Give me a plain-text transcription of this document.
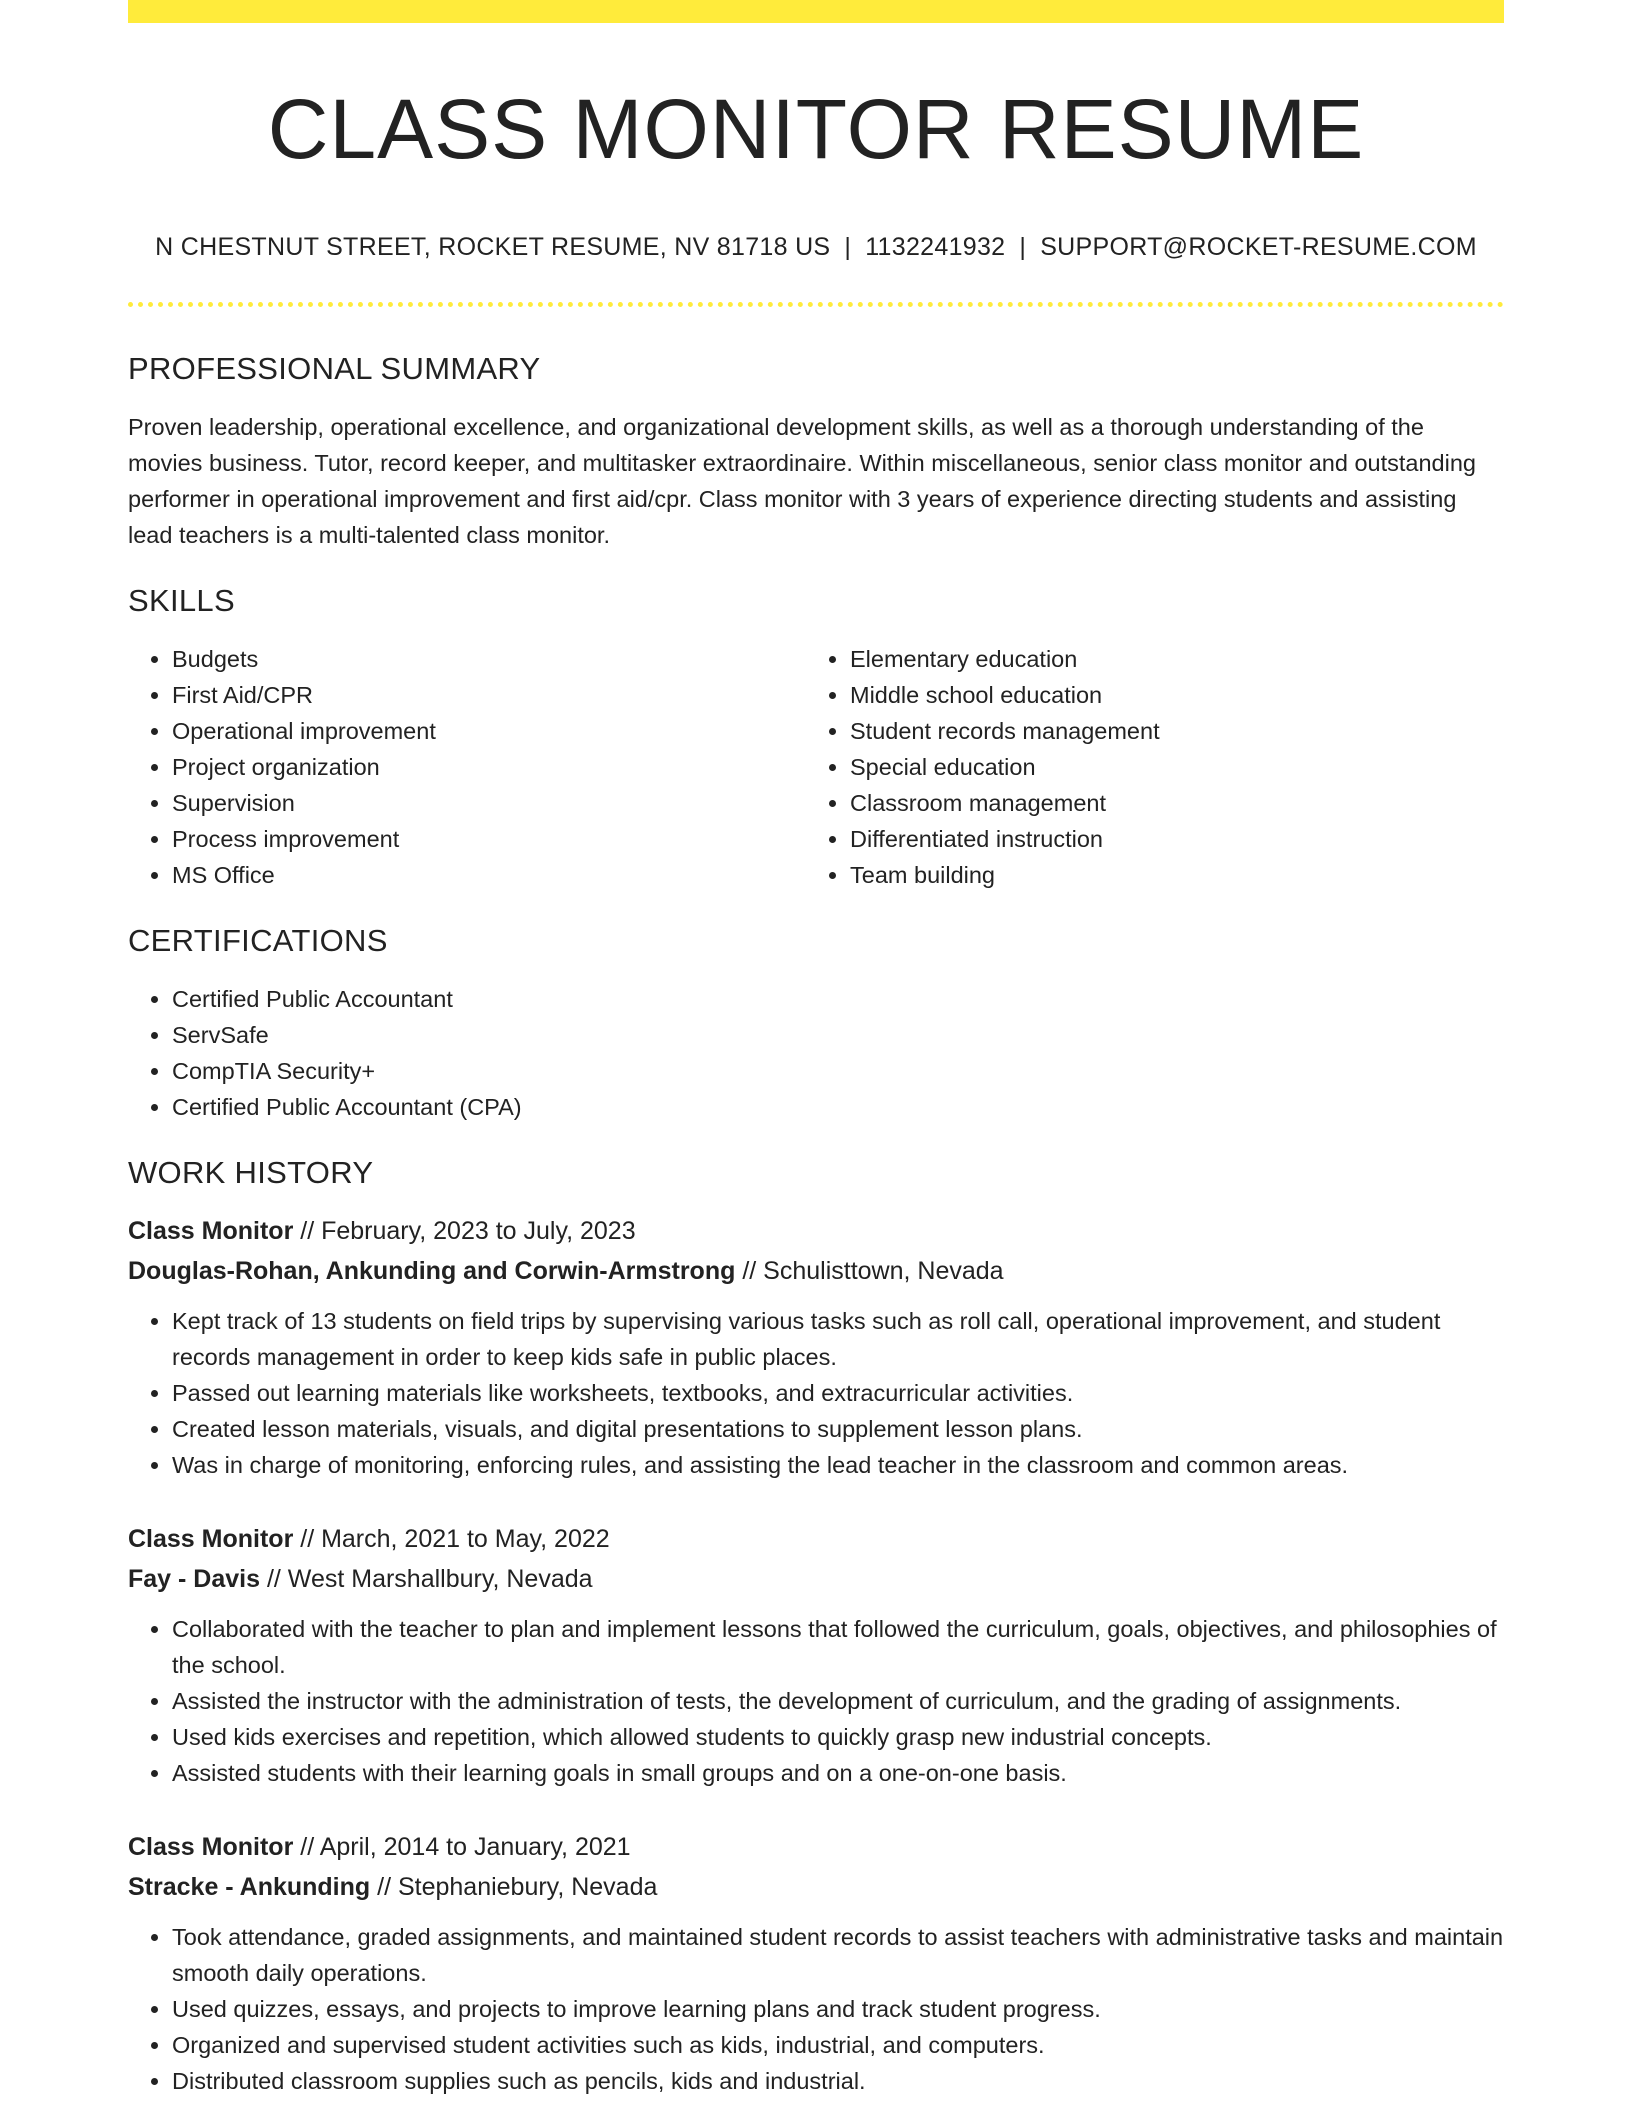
CLASS MONITOR RESUME
N CHESTNUT STREET, ROCKET RESUME, NV 81718 US | 1132241932 | SUPPORT@ROCKET-RESUME.COM
PROFESSIONAL SUMMARY

Proven leadership, operational excellence, and organizational development skills, as well as a thorough understanding of the movies business. Tutor, record keeper, and multitasker extraordinaire. Within miscellaneous, senior class monitor and outstanding performer in operational improvement and first aid/cpr. Class monitor with 3 years of experience directing students and assisting lead teachers is a multi-talented class monitor.

SKILLS
• Budgets
• First Aid/CPR
• Operational improvement
• Project organization
• Supervision
• Process improvement
• MS Office
• Elementary education
• Middle school education
• Student records management
• Special education
• Classroom management
• Differentiated instruction
• Team building
CERTIFICATIONS
• Certified Public Accountant
• ServSafe
• CompTIA Security+
• Certified Public Accountant (CPA)
WORK HISTORY
Class Monitor // February, 2023 to July, 2023
Douglas-Rohan, Ankunding and Corwin-Armstrong // Schulisttown, Nevada
• Kept track of 13 students on field trips by supervising various tasks such as roll call, operational improvement, and student records management in order to keep kids safe in public places.
• Passed out learning materials like worksheets, textbooks, and extracurricular activities.
• Created lesson materials, visuals, and digital presentations to supplement lesson plans.
• Was in charge of monitoring, enforcing rules, and assisting the lead teacher in the classroom and common areas.
Class Monitor // March, 2021 to May, 2022
Fay - Davis // West Marshallbury, Nevada
• Collaborated with the teacher to plan and implement lessons that followed the curriculum, goals, objectives, and philosophies of the school.
• Assisted the instructor with the administration of tests, the development of curriculum, and the grading of assignments.
• Used kids exercises and repetition, which allowed students to quickly grasp new industrial concepts.
• Assisted students with their learning goals in small groups and on a one-on-one basis.
Class Monitor // April, 2014 to January, 2021
Stracke - Ankunding // Stephaniebury, Nevada
• Took attendance, graded assignments, and maintained student records to assist teachers with administrative tasks and maintain smooth daily operations.
• Used quizzes, essays, and projects to improve learning plans and track student progress.
• Organized and supervised student activities such as kids, industrial, and computers.
• Distributed classroom supplies such as pencils, kids and industrial.
